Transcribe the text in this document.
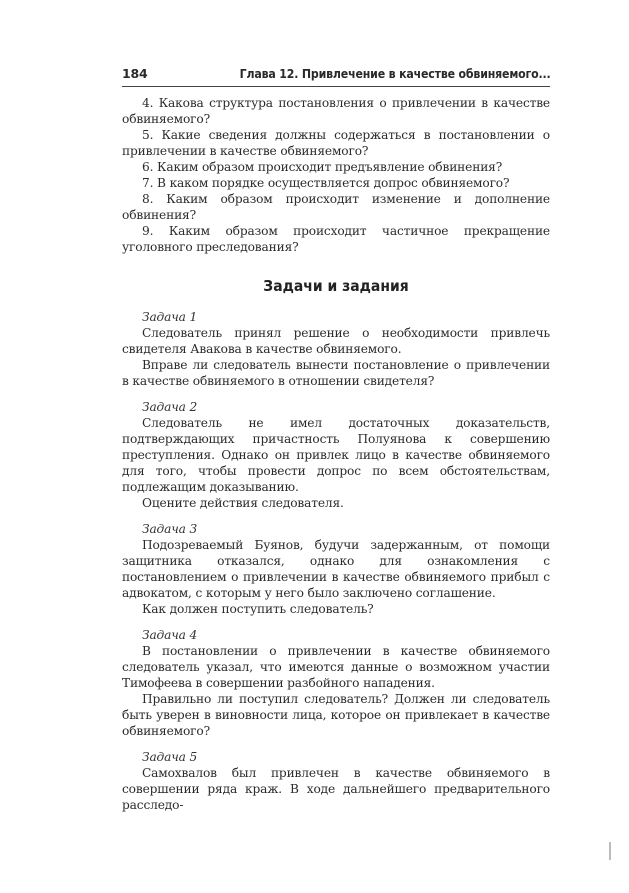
184	Глава 12. Привлечение в качестве обвиняемого...

4. Какова структура постановления о привлечении в качестве обвиняемого?

5. Какие сведения должны содержаться в постановлении о привлечении в качестве обвиняемого?

6. Каким образом происходит предъявление обвинения?

7. В каком порядке осуществляется допрос обвиняемого?

8. Каким образом происходит изменение и дополнение обвинения?

9. Каким образом происходит частичное прекращение уголовного преследования?

Задачи и задания

Задача 1

Следователь принял решение о необходимости привлечь свидетеля Авакова в качестве обвиняемого.

Вправе ли следователь вынести постановление о привлечении в качестве обвиняемого в отношении свидетеля?

Задача 2

Следователь не имел достаточных доказательств, подтверждающих причастность Полуянова к совершению преступления. Однако он привлек лицо в качестве обвиняемого для того, чтобы провести допрос по всем обстоятельствам, подлежащим доказыванию.

Оцените действия следователя.

Задача 3

Подозреваемый Буянов, будучи задержанным, от помощи защитника отказался, однако для ознакомления с постановлением о привлечении в качестве обвиняемого прибыл с адвокатом, с которым у него было заключено соглашение.

Как должен поступить следователь?

Задача 4

В постановлении о привлечении в качестве обвиняемого следователь указал, что имеются данные о возможном участии Тимофеева в совершении разбойного нападения.

Правильно ли поступил следователь? Должен ли следователь быть уверен в виновности лица, которое он привлекает в качестве обвиняемого?

Задача 5

Самохвалов был привлечен в качестве обвиняемого в совершении ряда краж. В ходе дальнейшего предварительного расследо-
